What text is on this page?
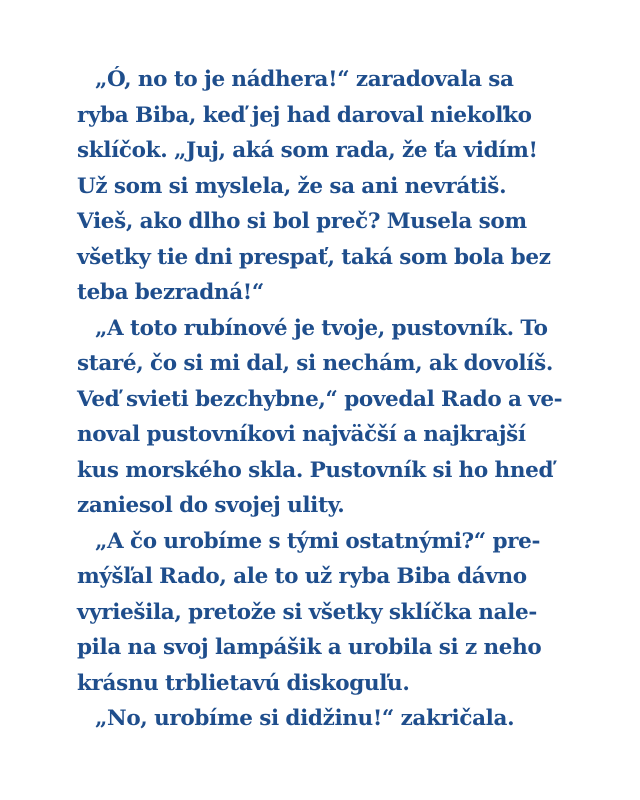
„Ó, no to je nádhera!“ zaradovala sa
ryba Biba, keď jej had daroval niekoľko
sklíčok. „Juj, aká som rada, že ťa vidím!
Už som si myslela, že sa ani nevrátiš.
Vieš, ako dlho si bol preč? Musela som
všetky tie dni prespať, taká som bola bez
teba bezradná!“
„A toto rubínové je tvoje, pustovník. To
staré, čo si mi dal, si nechám, ak dovolíš.
Veď svieti bezchybne,“ povedal Rado a ve-
noval pustovníkovi najväčší a najkrajší
kus morského skla. Pustovník si ho hneď
zaniesol do svojej ulity.
„A čo urobíme s tými ostatnými?“ pre-
mýšľal Rado, ale to už ryba Biba dávno
vyriešila, pretože si všetky sklíčka nale-
pila na svoj lampášik a urobila si z neho
krásnu trblietavú diskoguľu.
„No, urobíme si didžinu!“ zakričala.
